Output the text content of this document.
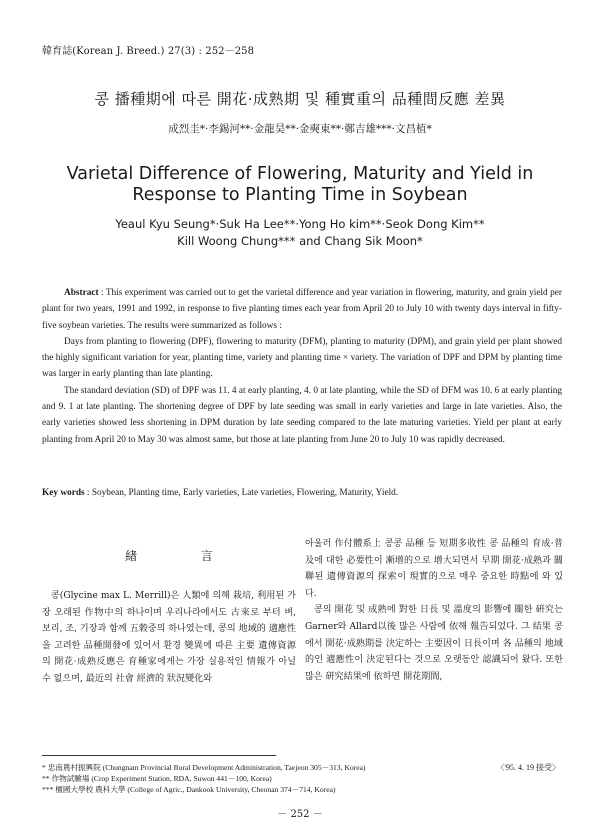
韓育誌(Korean J. Breed.) 27(3) : 252－258
콩 播種期에 따른 開花·成熟期 및 種實重의 品種間反應 差異
成烈圭*·李錫河**·金龍昊**·金奭東**·鄭吉雄***·文昌植*
Varietal Difference of Flowering, Maturity and Yield in Response to Planting Time in Soybean
Yeaul Kyu Seung*·Suk Ha Lee**·Yong Ho kim**·Seok Dong Kim**
Kill Woong Chung*** and Chang Sik Moon*

Abstract : This experiment was carried out to get the varietal difference and year variation in flowering, maturity, and grain yield per plant for two years, 1991 and 1992, in response to five planting times each year from April 20 to July 10 with twenty days interval in fifty-five soybean varieties. The results were summarized as follows :

Days from planting to flowering (DPF), flowering to maturity (DFM), planting to maturity (DPM), and grain yield per plant showed the highly significant variation for year, planting time, variety and planting time × variety. The variation of DPF and DPM by planting time was larger in early planting than late planting.

The standard deviation (SD) of DPF was 11. 4 at early planting, 4. 0 at late planting, while the SD of DFM was 10. 6 at early planting and 9. 1 at late planting. The shortening degree of DPF by late seeding was small in early varieties and large in late varieties. Also, the early varieties showed less shortening in DPM duration by late seeding compared to the late maturing varieties. Yield per plant at early planting from April 20 to May 30 was almost same, but those at late planting from June 20 to July 10 was rapidly decreased.

Key words : Soybean, Planting time, Early varieties, Late varieties, Flowering, Maturity, Yield.
緖 言

콩(Glycine max L. Merrill)은 人類에 의해 栽培, 利用된 가장 오래된 作物中의 하나이며 우리나라에서도 古來로 부터 벼, 보리, 조, 기장과 함께 五穀중의 하나였는데, 콩의 地域的 適應性을 고려한 品種開發에 있어서 환경 變異에 따른 主要 遺傳資源의 開花·成熟反應은 育種家에게는 가장 실용적인 情報가 아닐 수 없으며, 最近의 社會 經濟的 狀況變化와

아울러 作付體系上 콩콩 品種 등 短期多收性 콩 品種의 育成·普及에 대한 必要性이 漸增的으로 增大되면서 早期 開花·成熟과 關聯된 遺傳資源의 探索이 現實的으로 매우 중요한 時點에 와 있다.

콩의 開花 및 成熟에 對한 日長 및 溫度의 影響에 關한 硏究는 Garner와 Allard以後 많은 사람에 依해 報告되었다. 그 結果 콩에서 開花·成熟期를 決定하는 主要因이 日長이며 各 品種의 地域的인 適應性이 決定된다는 것으로 오랫동안 認識되어 왔다. 또한 많은 硏究結果에 依하면 開花期間,

* 忠南農村振興院 (Chungnam Provincial Rural Development Administration, Taejeon 305－313, Korea)
** 作物試驗場 (Crop Experiment Station, RDA, Suwon 441－100, Korea)
*** 檀國大學校 農科大學 (College of Agric., Dankook University, Cheonan 374－714, Korea)
〈'95. 4. 19 接受〉
－ 252 －
